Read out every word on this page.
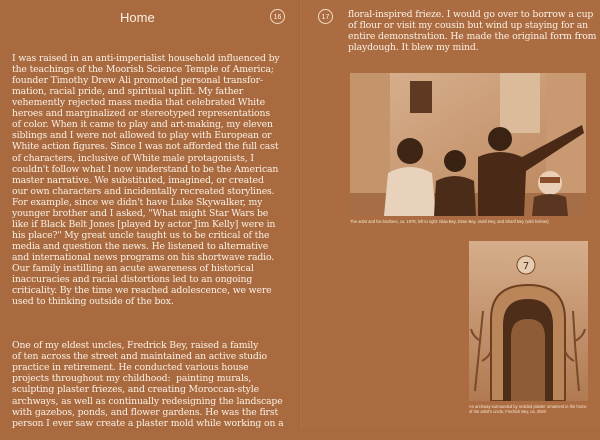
Home	16	17

I was raised in an anti-imperialist household influenced by
the teachings of the Moorish Science Temple of America;
founder Timothy Drew Ali promoted personal transfor-
mation, racial pride, and spiritual uplift. My father
vehemently rejected mass media that celebrated White
heroes and marginalized or stereotyped representations
of color. When it came to play and art-making, my eleven
siblings and I were not allowed to play with European or
White action figures. Since I was not afforded the full cast
of characters, inclusive of White male protagonists, I
couldn't follow what I now understand to be the American
master narrative. We substituted, imagined, or created
our own characters and incidentally recreated storylines.
For example, since we didn't have Luke Skywalker, my
younger brother and I asked, "What might Star Wars be
like if Black Belt Jones [played by actor Jim Kelly] were in
his place?" My great uncle taught us to be critical of the
media and question the news. He listened to alternative
and international news programs on his shortwave radio.
Our family instilling an acute awareness of historical
inaccuracies and racial distortions led to an ongoing
criticality. By the time we reached adolescence, we were
used to thinking outside of the box.

One of my eldest uncles, Fredrick Bey, raised a family
of ten across the street and maintained an active studio
practice in retirement. He conducted various house
projects throughout my childhood:  painting murals,
sculpting plaster friezes, and creating Moroccan-style
archways, as well as continually redesigning the landscape
with gazebos, ponds, and flower gardens. He was the first
person I ever saw create a plaster mold while working on a

floral-inspired frieze. I would go over to borrow a cup
of flour or visit my cousin but wind up staying for an
entire demonstration. He made the original form from
playdough. It blew my mind.
The artist and his brothers, ca. 1978; left to right: Niaa Bey, Dime Bey, Jamil Bey, and Sharif Bey (with helmet)
7
An archway surrounded by molded plaster ornament in the home of the artist's uncle, Fredrick Bey, ca. 2020
